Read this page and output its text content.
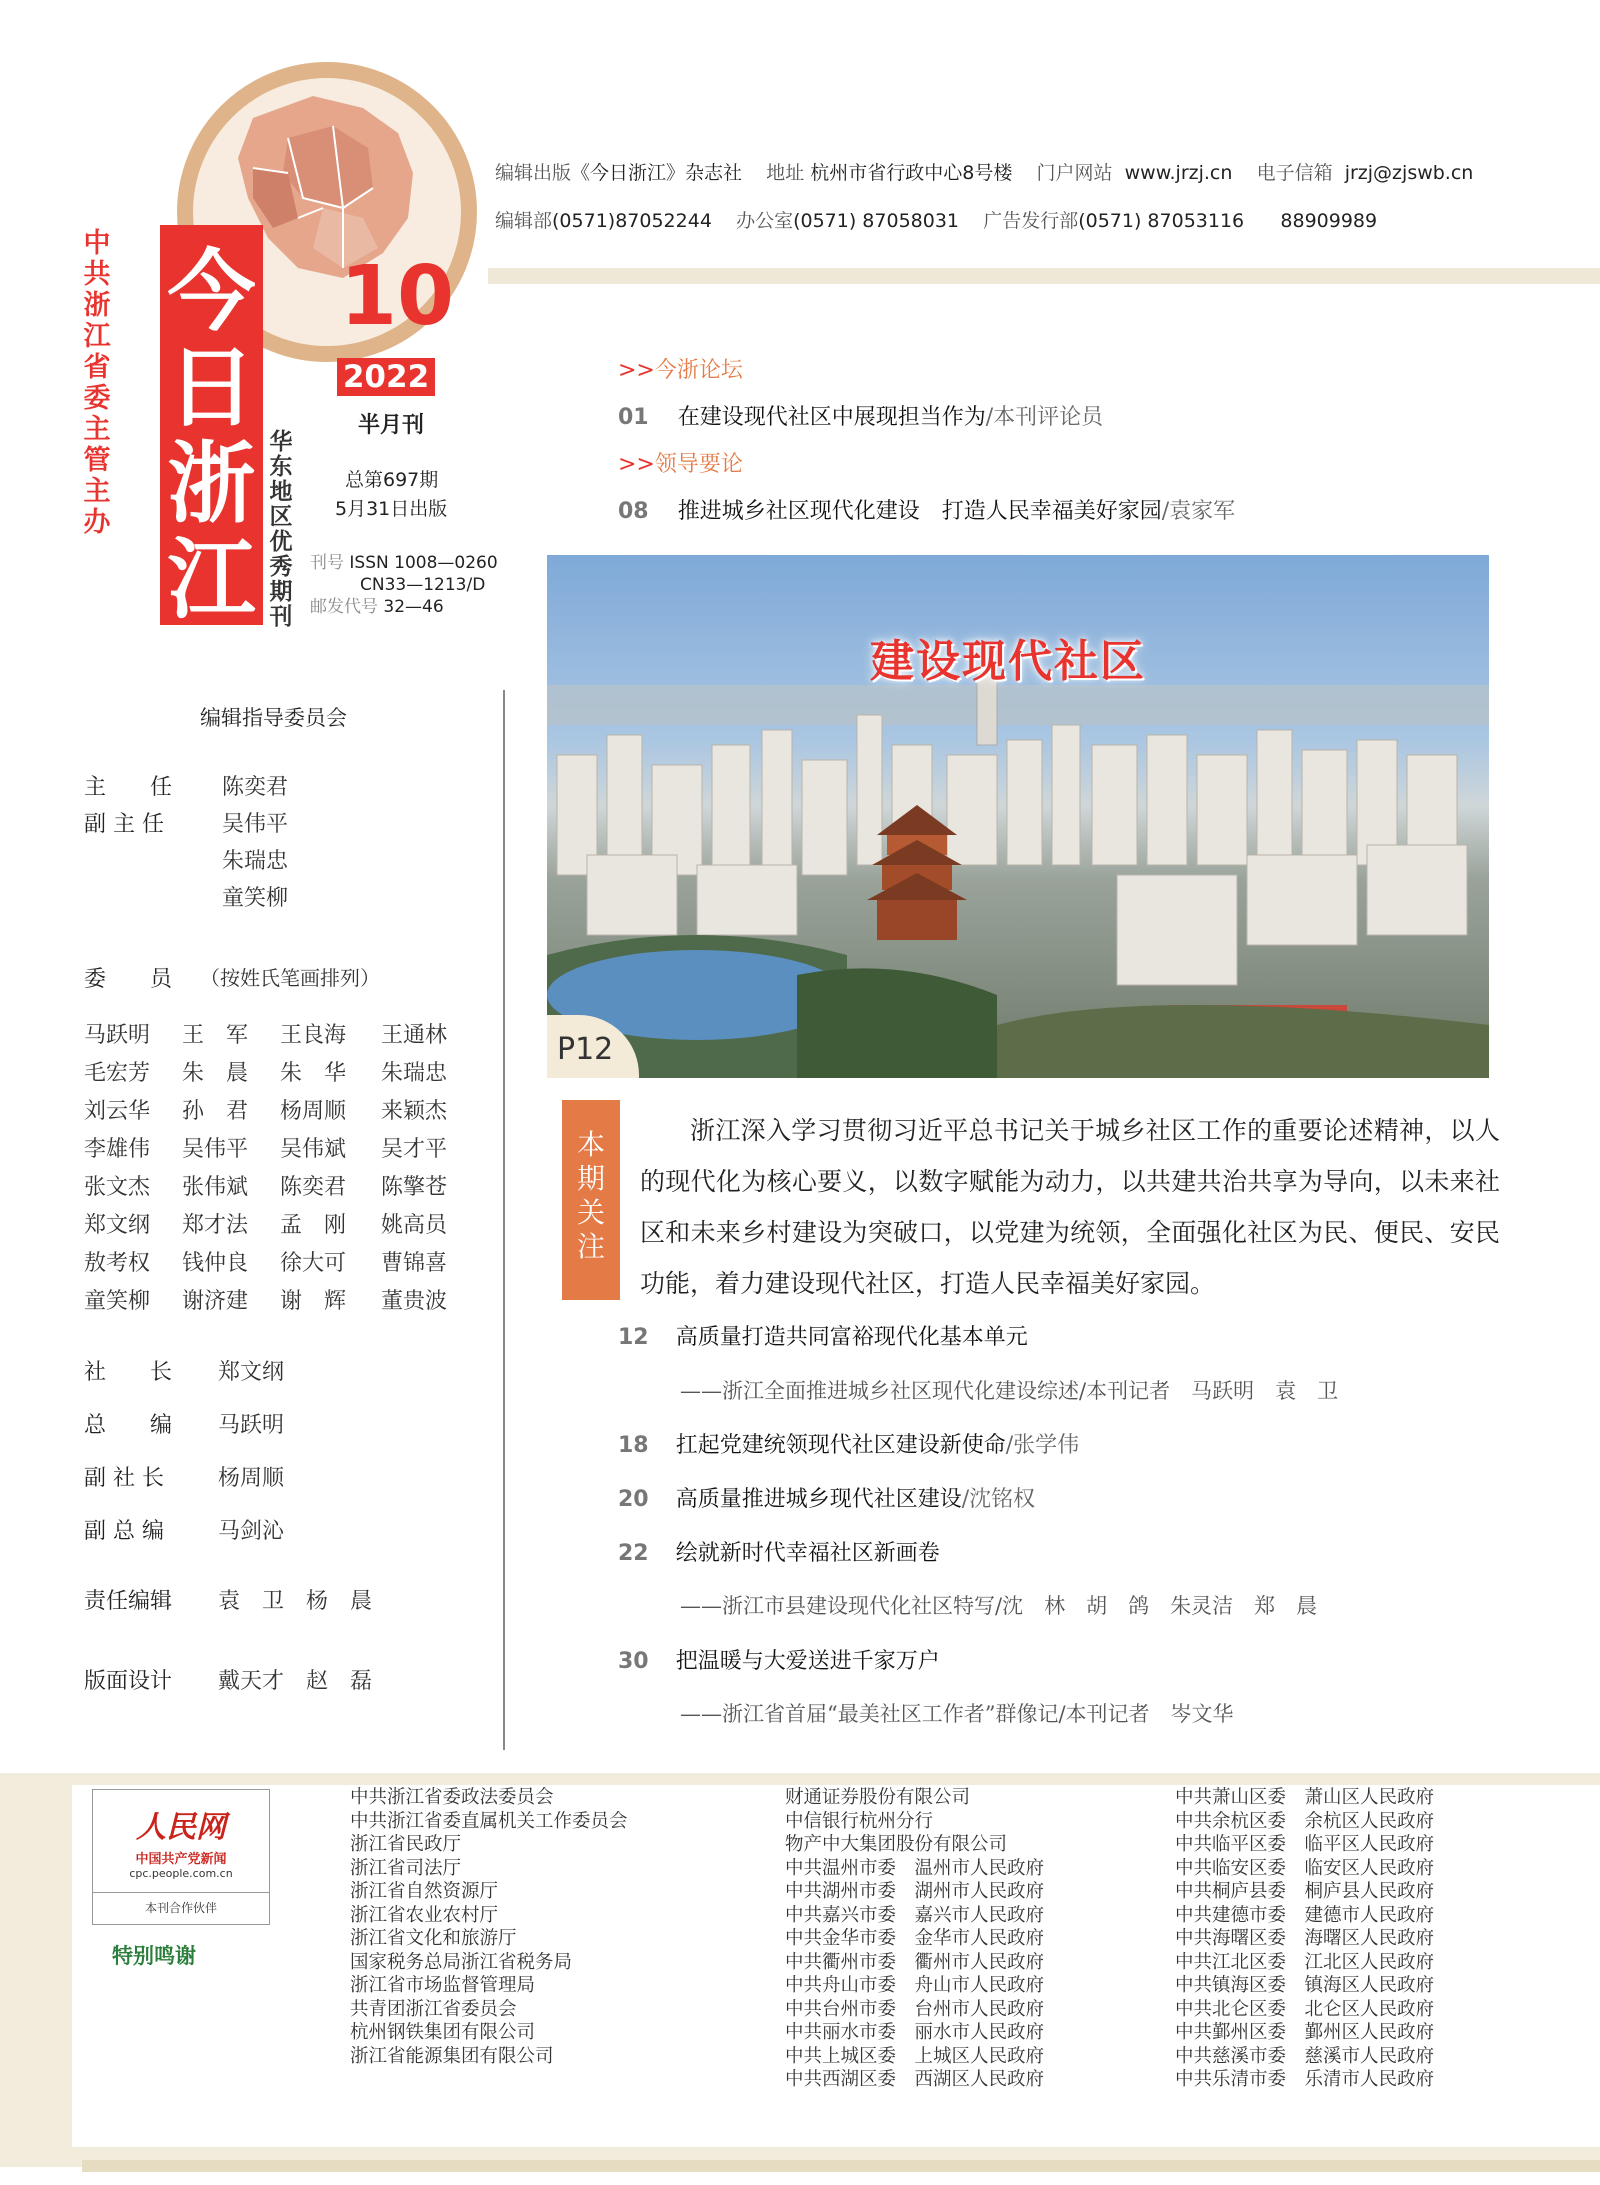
今
日
浙
江
中共浙江省委主管主办
华东地区优秀期刊
10
2022
半月刊
总第697期
5月31日出版
刊号 ISSN 1008—0260
CN33—1213/D
邮发代号 32—46
编辑出版《今日浙江》杂志社 地址 杭州市省行政中心8号楼 门户网站 www.jrzj.cn 电子信箱 jrzj@zjswb.cn
编辑部(0571)87052244 办公室(0571) 87058031 广告发行部(0571) 87053116 88909989
>>今浙论坛
01 在建设现代社区中展现担当作为/本刊评论员
>>领导要论
08 推进城乡社区现代化建设　打造人民幸福美好家园/袁家军
建设现代社区
P12
本期关注
浙江深入学习贯彻习近平总书记关于城乡社区工作的重要论述精神，以人的现代化为核心要义，以数字赋能为动力，以共建共治共享为导向，以未来社区和未来乡村建设为突破口，以党建为统领，全面强化社区为民、便民、安民功能，着力建设现代社区，打造人民幸福美好家园。
12 高质量打造共同富裕现代化基本单元
——浙江全面推进城乡社区现代化建设综述/本刊记者　马跃明　袁　卫
18 扛起党建统领现代社区建设新使命/张学伟
20 高质量推进城乡现代社区建设/沈铭权
22 绘就新时代幸福社区新画卷
——浙江市县建设现代化社区特写/沈　林　胡　鸽　朱灵洁　郑　晨
30 把温暖与大爱送进千家万户
——浙江省首届“最美社区工作者”群像记/本刊记者　岑文华
编辑指导委员会
主　　任 陈奕君
副 主 任	吴伟平
朱瑞忠
童笑柳
委　　员 （按姓氏笔画排列）
马跃明	王　军	王良海	王通林
毛宏芳	朱　晨	朱　华	朱瑞忠
刘云华	孙　君	杨周顺	来颖杰
李雄伟	吴伟平	吴伟斌	吴才平
张文杰	张伟斌	陈奕君	陈擎苍
郑文纲	郑才法	孟　刚	姚高员
敖考权	钱仲良	徐大可	曹锦喜
童笑柳	谢济建	谢　辉	董贵波
社　　长 郑文纲
总　　编 马跃明
副 社 长 杨周顺
副 总 编 马剑沁
责任编辑 袁　卫　杨　晨
版面设计 戴天才　赵　磊
人民网
中国共产党新闻
cpc.people.com.cn
本刊合作伙伴
特别鸣谢
中共浙江省委政法委员会
中共浙江省委直属机关工作委员会
浙江省民政厅
浙江省司法厅
浙江省自然资源厅
浙江省农业农村厅
浙江省文化和旅游厅
国家税务总局浙江省税务局
浙江省市场监督管理局
共青团浙江省委员会
杭州钢铁集团有限公司
浙江省能源集团有限公司
财通证券股份有限公司
中信银行杭州分行
物产中大集团股份有限公司
中共温州市委　温州市人民政府
中共湖州市委　湖州市人民政府
中共嘉兴市委　嘉兴市人民政府
中共金华市委　金华市人民政府
中共衢州市委　衢州市人民政府
中共舟山市委　舟山市人民政府
中共台州市委　台州市人民政府
中共丽水市委　丽水市人民政府
中共上城区委　上城区人民政府
中共西湖区委　西湖区人民政府
中共萧山区委　萧山区人民政府
中共余杭区委　余杭区人民政府
中共临平区委　临平区人民政府
中共临安区委　临安区人民政府
中共桐庐县委　桐庐县人民政府
中共建德市委　建德市人民政府
中共海曙区委　海曙区人民政府
中共江北区委　江北区人民政府
中共镇海区委　镇海区人民政府
中共北仑区委　北仑区人民政府
中共鄞州区委　鄞州区人民政府
中共慈溪市委　慈溪市人民政府
中共乐清市委　乐清市人民政府
